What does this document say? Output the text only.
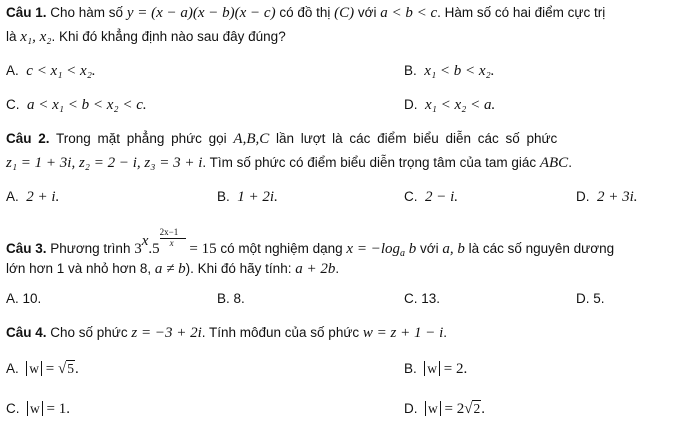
Câu 1. Cho hàm số y = (x − a)(x − b)(x − c) có đồ thị (C) với a < b < c. Hàm số có hai điểm cực trị
là x₁, x₂. Khi đó khẳng định nào sau đây đúng?
A. c < x₁ < x₂.	B. x₁ < b < x₂.
C. a < x₁ < b < x₂ < c.	D. x₁ < x₂ < a.
Câu 2. Trong mặt phẳng phức gọi A,B,C lần lượt là các điểm biểu diễn các số phức
z₁ = 1 + 3i, z₂ = 2 − i, z₃ = 3 + i. Tìm số phức có điểm biểu diễn trọng tâm của tam giác ABC.
A. 2 + i.	B. 1 + 2i.	C. 2 − i.	D. 2 + 3i.
Câu 3. Phương trình $3^x.5 \frac{2x-1}{x} = 15$ có một nghiệm dạng $x = -\log_a$ b với a, b là các số nguyên dương
lớn hơn 1 và nhỏ hơn 8, a ≠ b). Khi đó hãy tính: a + 2b.
A. 10.	B. 8.	C. 13.	D. 5.
Câu 4. Cho số phức z = −3 + 2i. Tính môđun của số phức w = z + 1 − i.
A. w = √5.	B. w = 2.
C. w = 1.	D. w = 2√2.
